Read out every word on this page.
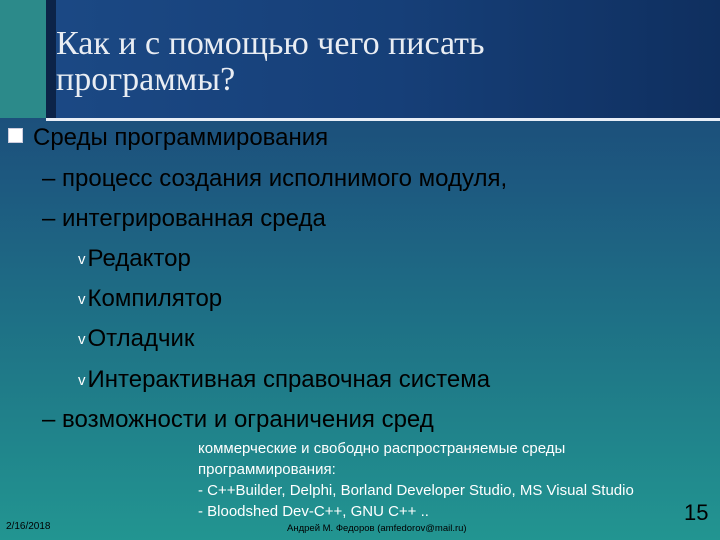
Как и с помощью чего писать
программы?
Среды программирования
– процесс создания исполнимого модуля,
– интегрированная среда
vРедактор
vКомпилятор
vОтладчик
vИнтерактивная справочная система
– возможности и ограничения сред
коммерческие и свободно распространяемые среды
программирования:
- C++Builder, Delphi, Borland Developer Studio, MS Visual Studio
- Bloodshed Dev-C++, GNU C++ ..
2/16/2018	Андрей М. Федоров (amfedorov@mail.ru)
15
